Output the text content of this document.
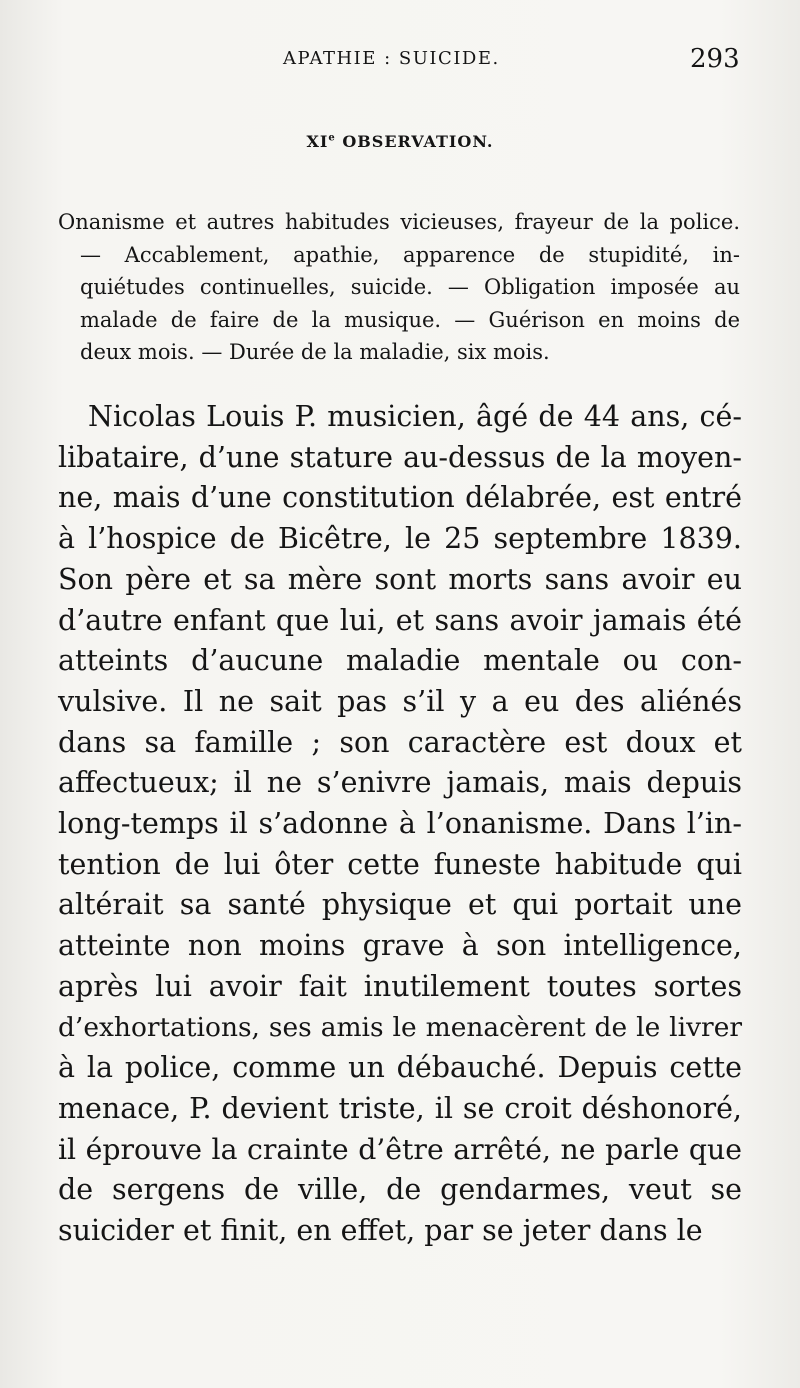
APATHIE : SUICIDE.	293
XIe OBSERVATION.
Onanisme et autres habitudes vicieuses, frayeur de la police.
— Accablement, apathie, apparence de stupidité, in-
quiétudes continuelles, suicide. — Obligation imposée au
malade de faire de la musique. — Guérison en moins de
deux mois. — Durée de la maladie, six mois.
Nicolas Louis P. musicien, âgé de 44 ans, cé-
libataire, d’une stature au-dessus de la moyen-
ne, mais d’une constitution délabrée, est entré
à l’hospice de Bicêtre, le 25 septembre 1839.
Son père et sa mère sont morts sans avoir eu
d’autre enfant que lui, et sans avoir jamais été
atteints d’aucune maladie mentale ou con-
vulsive. Il ne sait pas s’il y a eu des aliénés
dans sa famille ; son caractère est doux et
affectueux; il ne s’enivre jamais, mais depuis
long-temps il s’adonne à l’onanisme. Dans l’in-
tention de lui ôter cette funeste habitude qui
altérait sa santé physique et qui portait une
atteinte non moins grave à son intelligence,
après lui avoir fait inutilement toutes sortes
d’exhortations, ses amis le menacèrent de le livrer
à la police, comme un débauché. Depuis cette
menace, P. devient triste, il se croit déshonoré,
il éprouve la crainte d’être arrêté, ne parle que
de sergens de ville, de gendarmes, veut se
suicider et finit, en effet, par se jeter dans le
